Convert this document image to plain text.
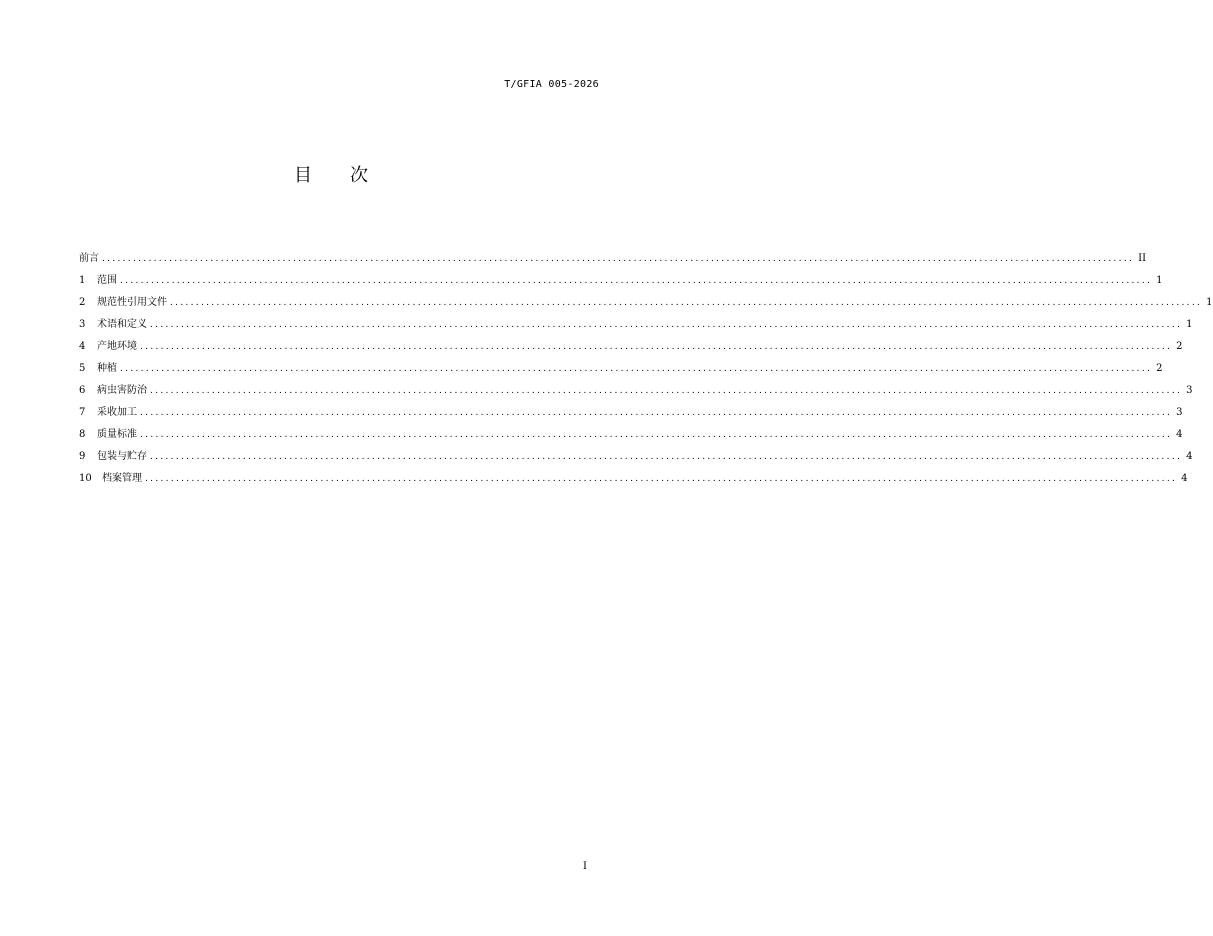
T/GFIA 005-2026
目 次
前言 ........................................................................................................................................................................................................ II
1	范围 ........................................................................................................................................................................................................ 1
2	规范性引用文件 ........................................................................................................................................................................................................ 1
3	术语和定义 ........................................................................................................................................................................................................ 1
4	产地环境 ........................................................................................................................................................................................................ 2
5	种植 ........................................................................................................................................................................................................ 2
6	病虫害防治 ........................................................................................................................................................................................................ 3
7	采收加工 ........................................................................................................................................................................................................ 3
8	质量标准 ........................................................................................................................................................................................................ 4
9	包装与贮存 ........................................................................................................................................................................................................ 4
10 档案管理 ........................................................................................................................................................................................................ 4
I
